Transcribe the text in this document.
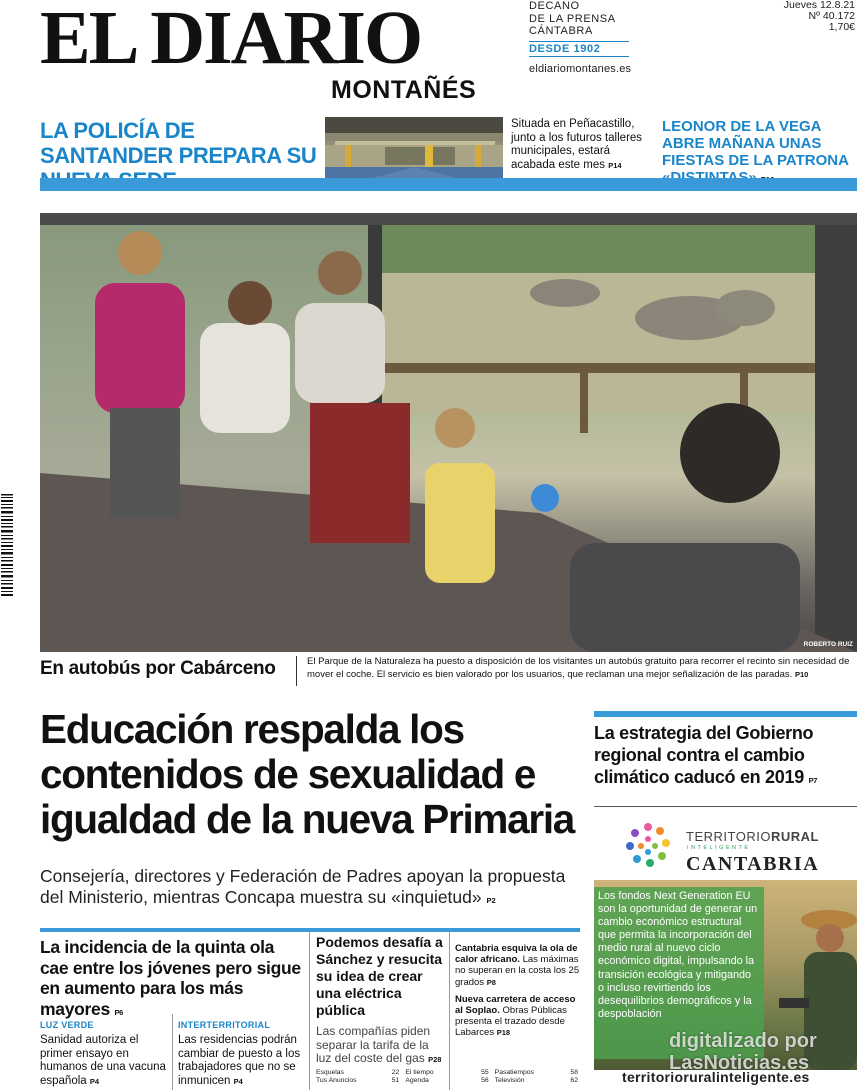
EL DIARIO
MONTAÑÉS
DECANO
DE LA PRENSA
CÁNTABRA
DESDE 1902
eldiariomontanes.es
Jueves 12.8.21
Nº 40.172
1,70€
LA POLICÍA DE SANTANDER PREPARA SU
Situada en Peñacastillo, junto a los futuros talleres municipales, estará acabada este mes P14
LEONOR DE LA VEGA ABRE MAÑANA UNAS FIESTAS DE LA PATRONA
ROBERTO RUIZ
En autobús por Cabárceno	El Parque de la Naturaleza ha puesto a disposición de los visitantes un autobús gratuito para recorrer el recinto sin necesidad de mover el coche. El servicio es bien valorado por los usuarios, que reclaman una mejor señalización de las paradas. P10
Educación respalda los contenidos de sexualidad e igualdad de la nueva Primaria
Consejería, directores y Federación de Padres apoyan la propuesta del Ministerio, mientras Concapa muestra su «inquietud» P2
La incidencia de la quinta ola cae entre los jóvenes pero sigue en aumento para los más mayores P6
Podemos desafía a Sánchez y resucita su idea de crear una eléctrica pública
Las compañías piden separar la tarifa de la luz del coste del gas P28
Cantabria esquiva la ola de calor africano. Las máximas no superan en la costa los 25 grados P8
Nueva carretera de acceso al Soplao. Obras Públicas presenta el trazado desde Labarces P18
LUZ VERDE
Sanidad autoriza el primer ensayo en humanos de una vacuna española P4
INTERTERRITORIAL
Las residencias podrán cambiar de puesto a los trabajadores que no se inmunicen P4
Esquelas	22 El tiempo	55 Pasatiempos	58
Tus Anuncios	51 Agenda	56 Televisión	62
La estrategia del Gobierno regional contra el cambio climático caducó en 2019 P7
TERRITORIORURAL
INTELIGENTE
CANTABRIA
Los fondos Next Generation EU son la oportunidad de generar un cambio económico estructural que permita la incorporación del medio rural al nuevo ciclo económico digital, impulsando la transición ecológica y mitigando o incluso revirtiendo los desequilibrios demográficos y la despoblación
digitalizado por
LasNoticias.es
territorioruralinteligente.es
